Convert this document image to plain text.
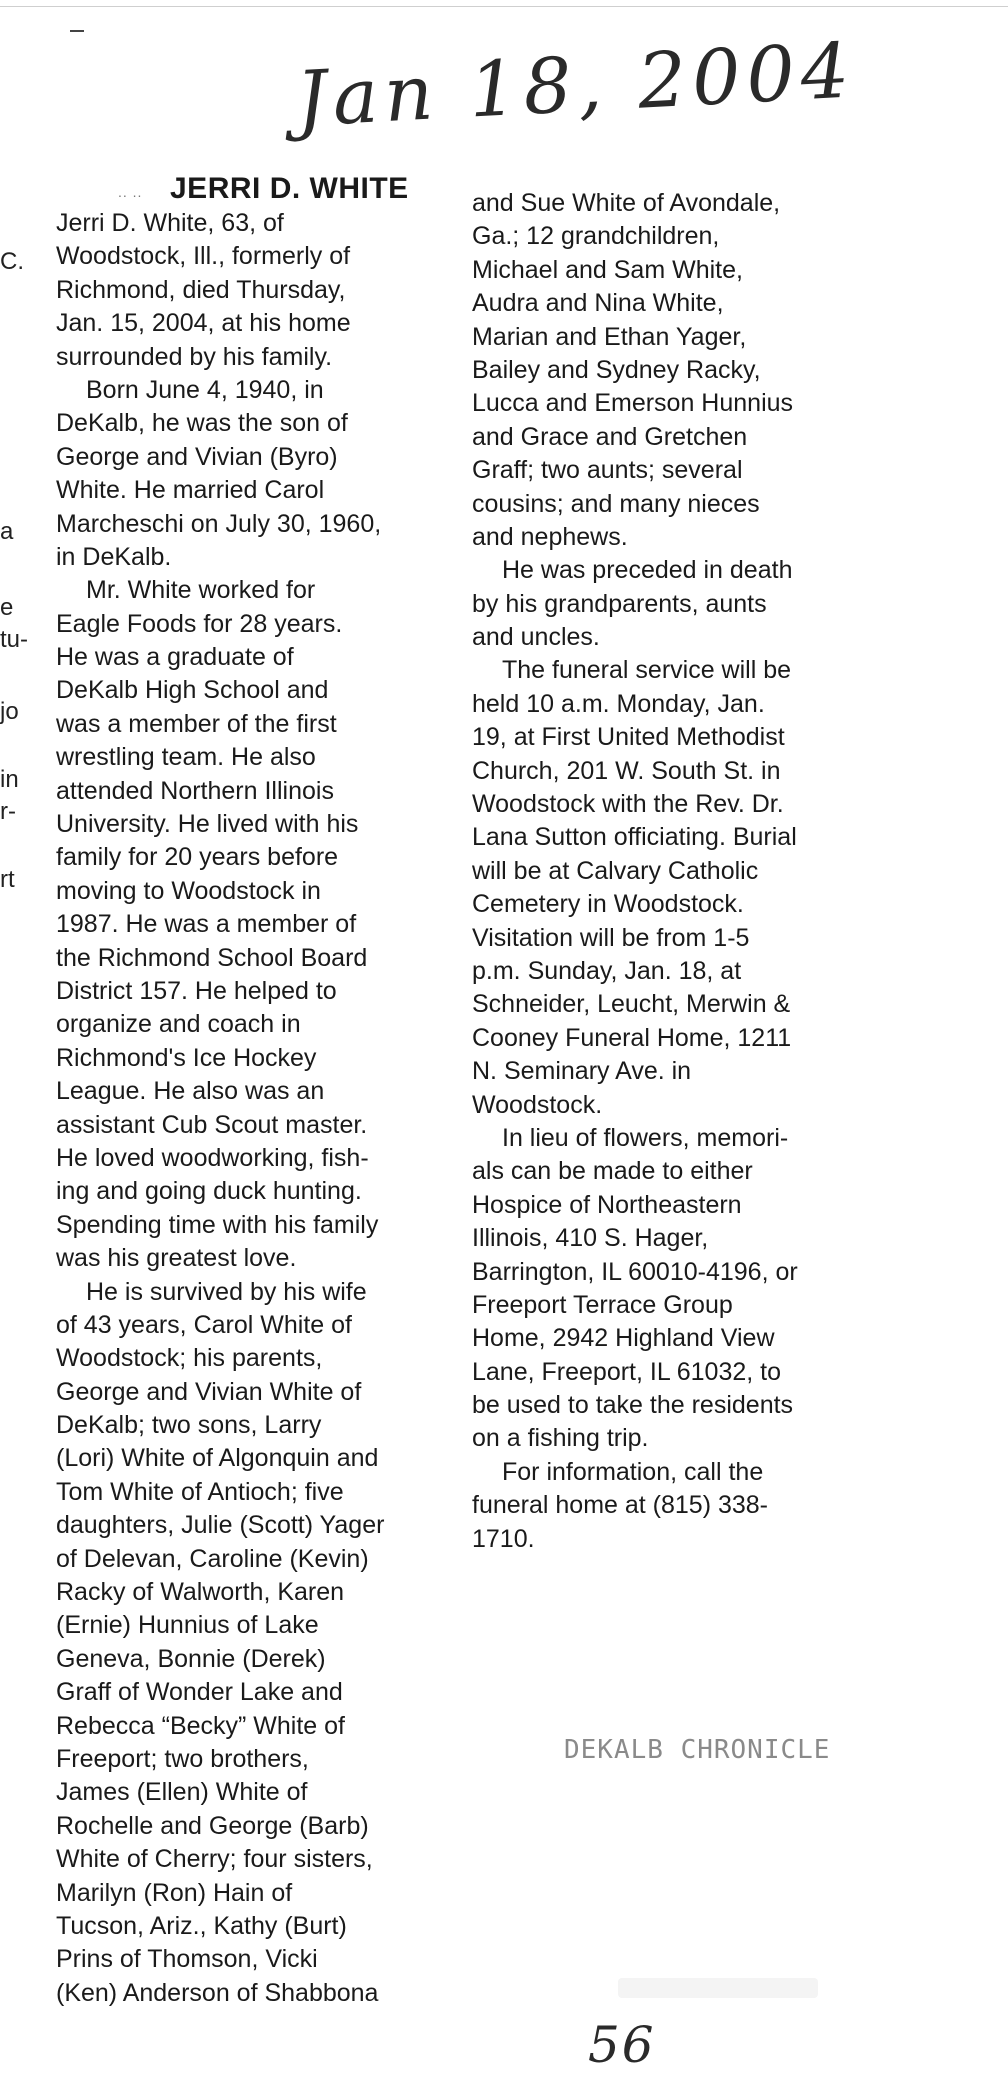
Jan 18, 2004
C.
a
e
tu-
jo
in
r-
rt
.. .. JERRI D. WHITE
Jerri D. White, 63, of
Woodstock, Ill., formerly of
Richmond, died Thursday,
Jan. 15, 2004, at his home
surrounded by his family.
Born June 4, 1940, in
DeKalb, he was the son of
George and Vivian (Byro)
White. He married Carol
Marcheschi on July 30, 1960,
in DeKalb.
Mr. White worked for
Eagle Foods for 28 years.
He was a graduate of
DeKalb High School and
was a member of the first
wrestling team. He also
attended Northern Illinois
University. He lived with his
family for 20 years before
moving to Woodstock in
1987. He was a member of
the Richmond School Board
District 157. He helped to
organize and coach in
Richmond's Ice Hockey
League. He also was an
assistant Cub Scout master.
He loved woodworking, fish-
ing and going duck hunting.
Spending time with his family
was his greatest love.
He is survived by his wife
of 43 years, Carol White of
Woodstock; his parents,
George and Vivian White of
DeKalb; two sons, Larry
(Lori) White of Algonquin and
Tom White of Antioch; five
daughters, Julie (Scott) Yager
of Delevan, Caroline (Kevin)
Racky of Walworth, Karen
(Ernie) Hunnius of Lake
Geneva, Bonnie (Derek)
Graff of Wonder Lake and
Rebecca “Becky” White of
Freeport; two brothers,
James (Ellen) White of
Rochelle and George (Barb)
White of Cherry; four sisters,
Marilyn (Ron) Hain of
Tucson, Ariz., Kathy (Burt)
Prins of Thomson, Vicki
(Ken) Anderson of Shabbona
and Sue White of Avondale,
Ga.; 12 grandchildren,
Michael and Sam White,
Audra and Nina White,
Marian and Ethan Yager,
Bailey and Sydney Racky,
Lucca and Emerson Hunnius
and Grace and Gretchen
Graff; two aunts; several
cousins; and many nieces
and nephews.
He was preceded in death
by his grandparents, aunts
and uncles.
The funeral service will be
held 10 a.m. Monday, Jan.
19, at First United Methodist
Church, 201 W. South St. in
Woodstock with the Rev. Dr.
Lana Sutton officiating. Burial
will be at Calvary Catholic
Cemetery in Woodstock.
Visitation will be from 1-5
p.m. Sunday, Jan. 18, at
Schneider, Leucht, Merwin &
Cooney Funeral Home, 1211
N. Seminary Ave. in
Woodstock.
In lieu of flowers, memori-
als can be made to either
Hospice of Northeastern
Illinois, 410 S. Hager,
Barrington, IL 60010-4196, or
Freeport Terrace Group
Home, 2942 Highland View
Lane, Freeport, IL 61032, to
be used to take the residents
on a fishing trip.
For information, call the
funeral home at (815) 338-
1710.
DEKALB CHRONICLE
56
